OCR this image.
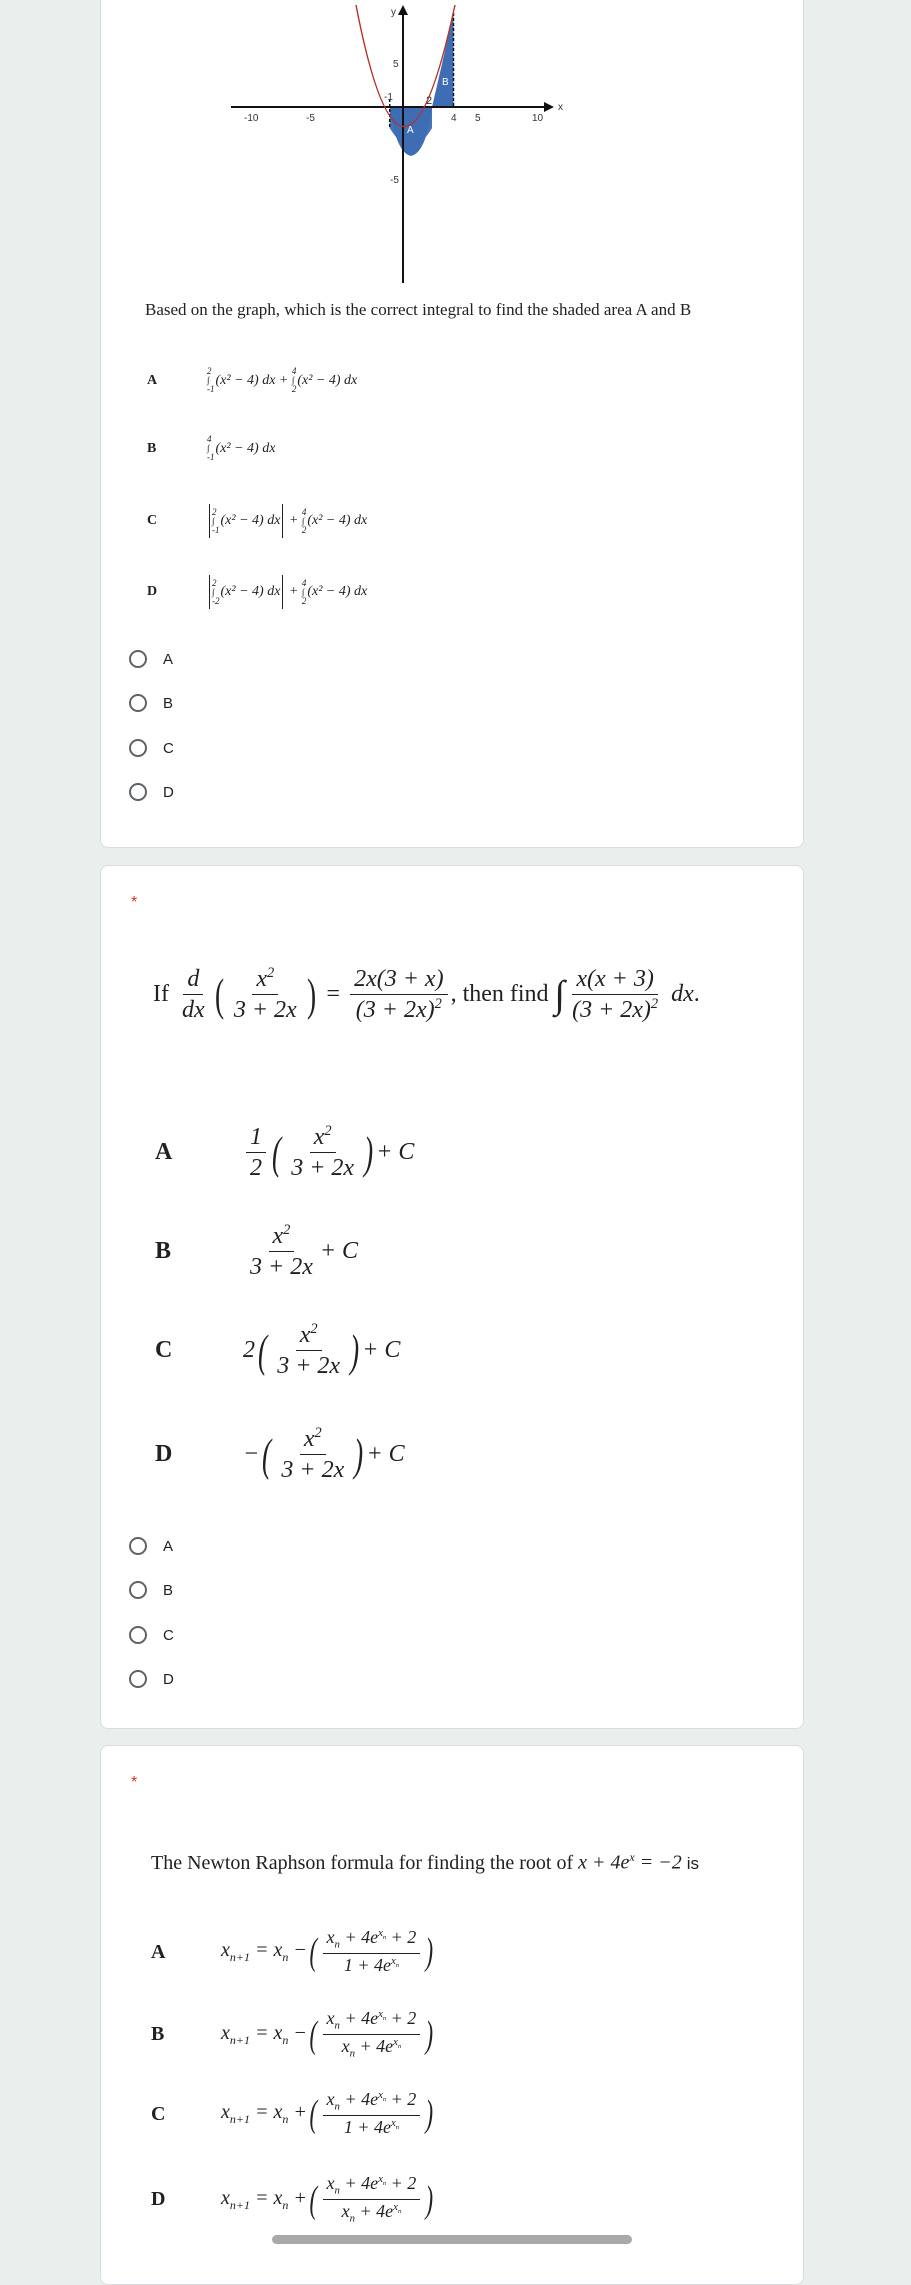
x
y
-10	-5	4 5	10
5
-5
-1	2
A
B
Based on the graph, which is the correct integral to find the shaded area A and B
A
2
∫
-1
(x² − 4)
dx
+

4
∫
2
(x² − 4)
dx
B
4
∫
-1
(x² − 4)
dx
C
2
∫
-1
(x² − 4)
dx
+

4
∫
2
(x² − 4)
dx
D
2
∫
-2
(x² − 4)
dx
+

4
∫
2
(x² − 4)
dx
A
B
C
D
*
If
$\frac{d}{dx}$ ( $\frac{x^2}{3 + 2x}$ ) = $\frac{2x(3 + x)}{(3 + 2x)^2}$ , then find
∫ $\frac{x(x + 3)}{(3 + 2x)^2}$ dx .
A	$\frac{1}{2}$ ( $\frac{x^2}{3 + 2x}$ ) + C
B	$\frac{x^2}{3 + 2x} + C$
C	2 ( $\frac{x^2}{3 + 2x}$ ) + C
D	− ( $\frac{x^2}{3 + 2x}$ ) + C
A
B
C
D
*
The Newton Raphson formula for finding the root of
$x + 4e^x = -2$
is
A	$x_{n+1} = x_n$ − ( $\frac{x_n + 4e^{x_n} + 2}{1 + 4e^{x_n}}$ )
B	$x_{n+1} = x_n$ − ( $\frac{x_n + 4e^{x_n} + 2}{x_n + 4e^{x_n}}$ )
C	$x_{n+1} = x_n$ + ( $\frac{x_n + 4e^{x_n} + 2}{1 + 4e^{x_n}}$ )
D	$x_{n+1} = x_n$ + ( $\frac{x_n + 4e^{x_n} + 2}{x_n + 4e^{x_n}}$ )
